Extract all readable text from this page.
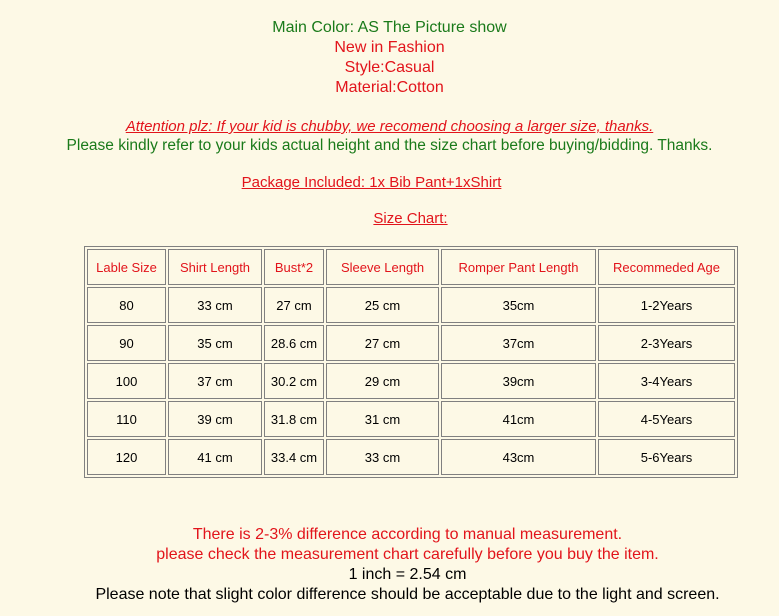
Main Color: AS The Picture show
New in Fashion
Style:Casual
Material:Cotton
Attention plz: If your kid is chubby, we recomend choosing a larger size, thanks.
Please kindly refer to your kids actual height and the size chart before buying/bidding. Thanks.
Package Included: 1x Bib Pant+1xShirt
Size Chart:
Lable Size	Shirt Length	Bust*2	Sleeve Length	Romper Pant Length	Recommeded Age
80	33 cm	27 cm	25 cm	35cm	1-2Years
90	35 cm	28.6 cm	27 cm	37cm	2-3Years
100	37 cm	30.2 cm	29 cm	39cm	3-4Years
110	39 cm	31.8 cm	31 cm	41cm	4-5Years
120	41 cm	33.4 cm	33 cm	43cm	5-6Years
There is 2-3% difference according to manual measurement.
please check the measurement chart carefully before you buy the item.
1 inch = 2.54 cm
Please note that slight color difference should be acceptable due to the light and screen.
